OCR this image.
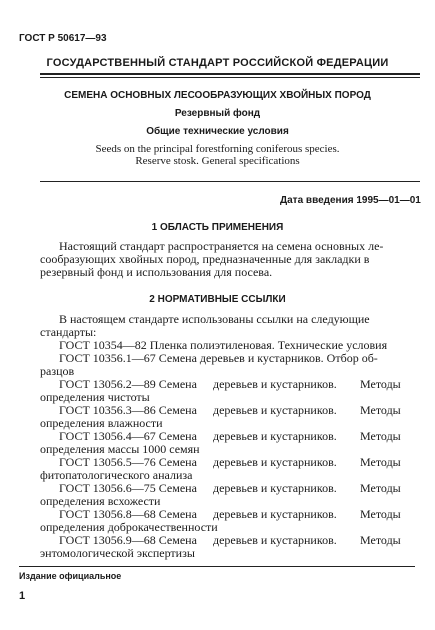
ГОСТ Р 50617—93
ГОСУДАРСТВЕННЫЙ СТАНДАРТ РОССИЙСКОЙ ФЕДЕРАЦИИ
СЕМЕНА ОСНОВНЫХ ЛЕСООБРАЗУЮЩИХ ХВОЙНЫХ ПОРОД
Резервный фонд
Общие технические условия
Seeds on the principal forestforning coniferous species.
Reserve stosk. General specifications
Дата введения 1995—01—01
1 ОБЛАСТЬ ПРИМЕНЕНИЯ
Настоящий стандарт распространяется на семена основных ле-
сообразующих хвойных пород, предназначенные для закладки в
резервный фонд и использования для посева.
2 НОРМАТИВНЫЕ ССЫЛКИ
В настоящем стандарте использованы ссылки на следующие
стандарты:
ГОСТ 10354—82 Пленка полиэтиленовая. Технические условия
ГОСТ 10356.1—67 Семена деревьев и кустарников. Отбор об-
разцов
ГОСТ 13056.2—89 Семена деревьев и кустарников. Методы
определения чистоты
ГОСТ 10356.3—86 Семена деревьев и кустарников. Методы
определения влажности
ГОСТ 13056.4—67 Семена деревьев и кустарников. Методы
определения массы 1000 семян
ГОСТ 13056.5—76 Семена деревьев и кустарников. Методы
фитопатологического анализа
ГОСТ 13056.6—75 Семена деревьев и кустарников. Методы
определения всхожести
ГОСТ 13056.8—68 Семена деревьев и кустарников. Методы
определения доброкачественности
ГОСТ 13056.9—68 Семена деревьев и кустарников. Методы
энтомологической экспертизы
Издание официальное
1
